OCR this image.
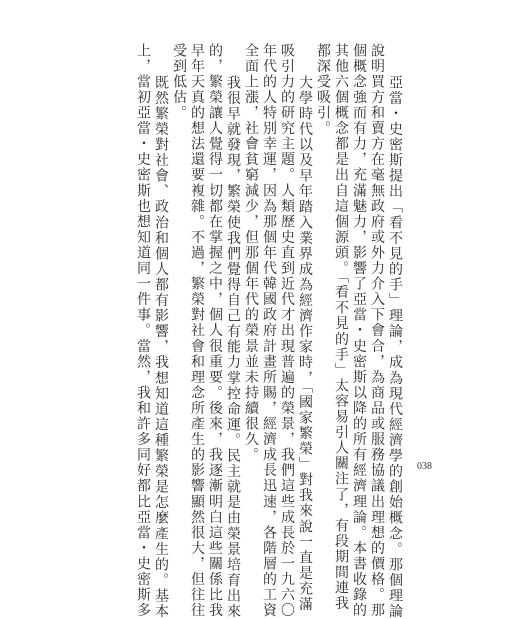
亞當・史密斯提出「看不見的手」理論，成為現代經濟學的創始概念。那個理論
說明買方和賣方在毫無政府或外力介入下會合，為商品或服務協議出理想的價格。那
個概念強而有力，充滿魅力，影響了亞當・史密斯以降的所有經濟理論。本書收錄的
其他六個概念都是出自這個源頭。「看不見的手」太容易引人關注了，有段期間連我
都深受吸引。
大學時代以及早年踏入業界成為經濟作家時，「國家繁榮」對我來說一直是充滿
吸引力的研究主題。人類歷史直到近代才出現普遍的榮景，我們這些成長於一九六〇
年代的人特別幸運，因為那個年代韓國政府計畫所賜，經濟成長迅速，各階層的工資
全面上漲，社會貧窮減少，但那個年代的榮景並未持續很久。
我很早就發現，繁榮使我們覺得自己有能力掌控命運。民主就是由榮景培育出來
的，繁榮讓人覺得一切都在掌握之中，個人很重要。後來，我逐漸明白這些關係比我
早年天真的想法還要複雜。不過，繁榮對社會和理念所產生的影響顯然很大，但往往
受到低估。
既然繁榮對社會、政治和個人都有影響，我想知道這種繁榮是怎麼產生的。基本
上，當初亞當・史密斯也想知道同一件事。當然，我和許多同好都比亞當・史密斯多	038
